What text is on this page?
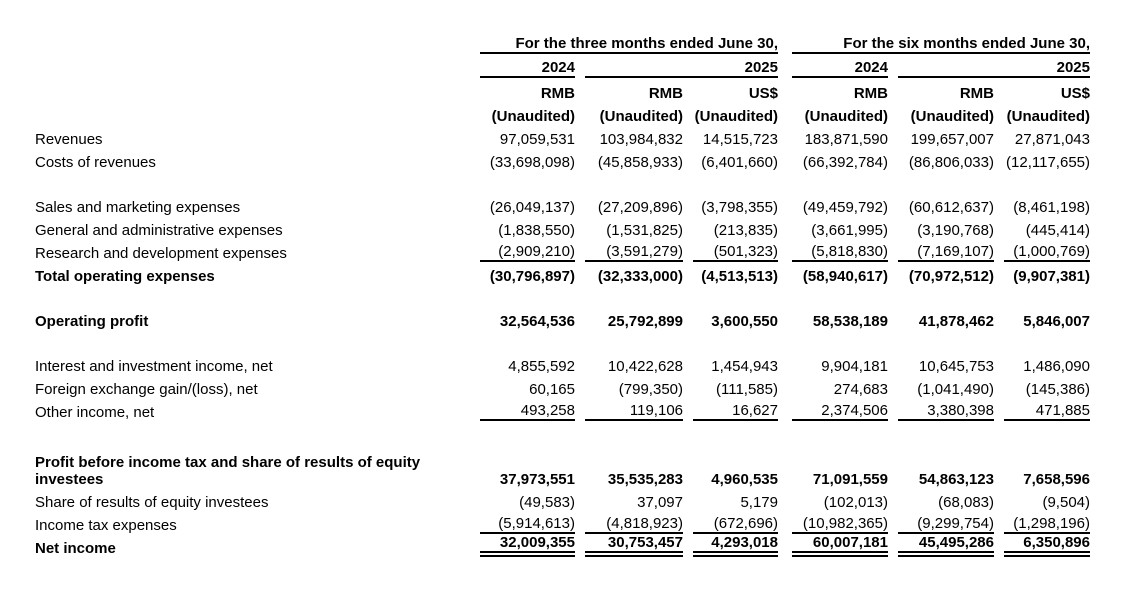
	For the three months ended June 30,			For the six months ended June 30,		

	2024	2025		2024	2025	

	RMB	RMB	US$	RMB	RMB	US$

	(Unaudited)	(Unaudited)	(Unaudited)	(Unaudited)	(Unaudited)	(Unaudited)

Revenues	97,059,531	103,984,832	14,515,723	183,871,590	199,657,007	27,871,043

Costs of revenues	(33,698,098)	(45,858,933)	(6,401,660)	(66,392,784)	(86,806,033)	(12,117,655)

Sales and marketing expenses	(26,049,137)	(27,209,896)	(3,798,355)	(49,459,792)	(60,612,637)	(8,461,198)

General and administrative expenses	(1,838,550)	(1,531,825)	(213,835)	(3,661,995)	(3,190,768)	(445,414)

Research and development expenses	(2,909,210)	(3,591,279)	(501,323)	(5,818,830)	(7,169,107)	(1,000,769)

Total operating expenses	(30,796,897)	(32,333,000)	(4,513,513)	(58,940,617)	(70,972,512)	(9,907,381)

Operating profit	32,564,536	25,792,899	3,600,550	58,538,189	41,878,462	5,846,007

Interest and investment income, net	4,855,592	10,422,628	1,454,943	9,904,181	10,645,753	1,486,090

Foreign exchange gain/(loss), net	60,165	(799,350)	(111,585)	274,683	(1,041,490)	(145,386)

Other income, net	493,258	119,106	16,627	2,374,506	3,380,398	471,885

Profit before income tax and share of results of equity investees	37,973,551	35,535,283	4,960,535	71,091,559	54,863,123	7,658,596

Share of results of equity investees	(49,583)	37,097	5,179	(102,013)	(68,083)	(9,504)

Income tax expenses	(5,914,613)	(4,818,923)	(672,696)	(10,982,365)	(9,299,754)	(1,298,196)

Net income	32,009,355	30,753,457	4,293,018	60,007,181	45,495,286	6,350,896
